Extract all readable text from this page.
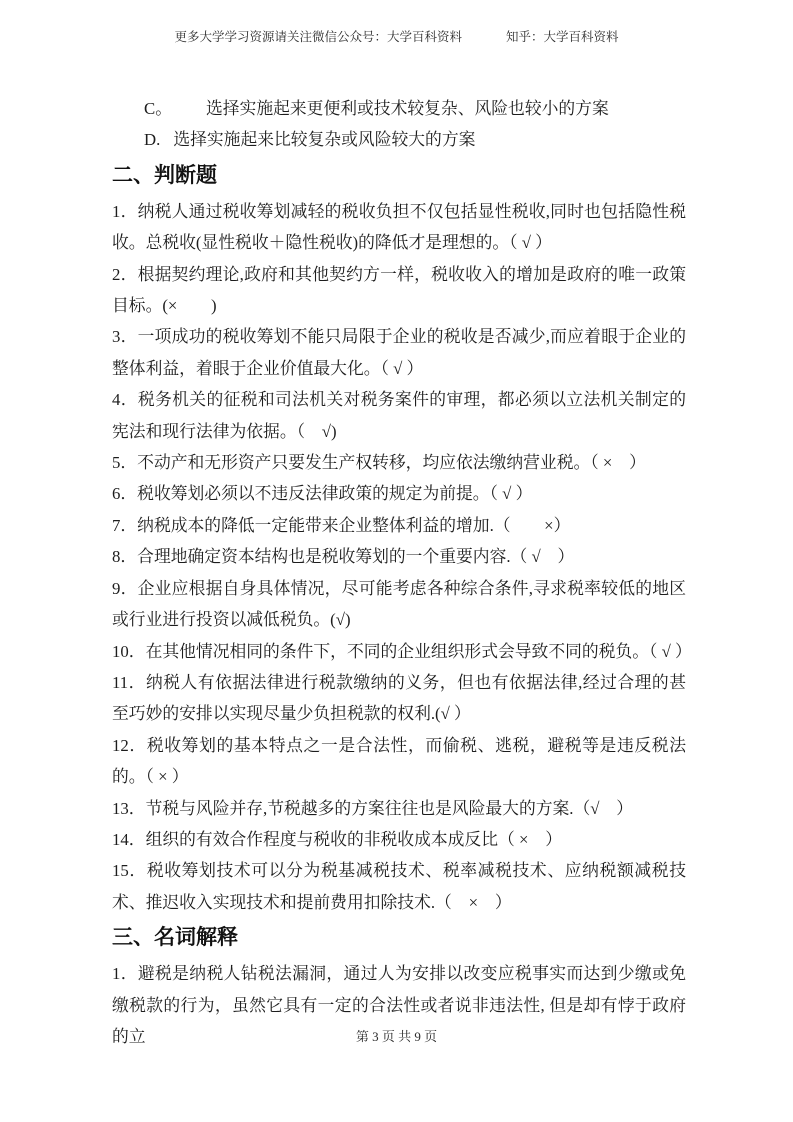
更多大学学习资源请关注微信公众号：大学百科资料	知乎：大学百科资料

C。 选择实施起来更便利或技术较复杂、风险也较小的方案

D. 选择实施起来比较复杂或风险较大的方案

二、判断题

1．纳税人通过税收筹划减轻的税收负担不仅包括显性税收,同时也包括隐性税收。总税收(显性税收＋隐性税收)的降低才是理想的。（ √ ）

2．根据契约理论,政府和其他契约方一样，税收收入的增加是政府的唯一政策目标。(×　　)

3．一项成功的税收筹划不能只局限于企业的税收是否减少,而应着眼于企业的整体利益，着眼于企业价值最大化。（ √ ）

4．税务机关的征税和司法机关对税务案件的审理，都必须以立法机关制定的宪法和现行法律为依据。（　√)

5．不动产和无形资产只要发生产权转移，均应依法缴纳营业税。（ ×　）

6．税收筹划必须以不违反法律政策的规定为前提。（ √ ）

7．纳税成本的降低一定能带来企业整体利益的增加.（　　×）

8．合理地确定资本结构也是税收筹划的一个重要内容.（ √　）

9．企业应根据自身具体情况，尽可能考虑各种综合条件,寻求税率较低的地区或行业进行投资以减低税负。(√)

10．在其他情况相同的条件下，不同的企业组织形式会导致不同的税负。（ √ ）

11．纳税人有依据法律进行税款缴纳的义务，但也有依据法律,经过合理的甚至巧妙的安排以实现尽量少负担税款的权利.(√ ）

12．税收筹划的基本特点之一是合法性，而偷税、逃税，避税等是违反税法的。（ × ）

13．节税与风险并存,节税越多的方案往往也是风险最大的方案.（√　）

14．组织的有效合作程度与税收的非税收成本成反比（ ×　）

15．税收筹划技术可以分为税基减税技术、税率减税技术、应纳税额减税技术、推迟收入实现技术和提前费用扣除技术.（　×　）

三、名词解释

1．避税是纳税人钻税法漏洞，通过人为安排以改变应税事实而达到少缴或免缴税款的行为，虽然它具有一定的合法性或者说非违法性, 但是却有悖于政府的立	第 3 页 共 9 页
